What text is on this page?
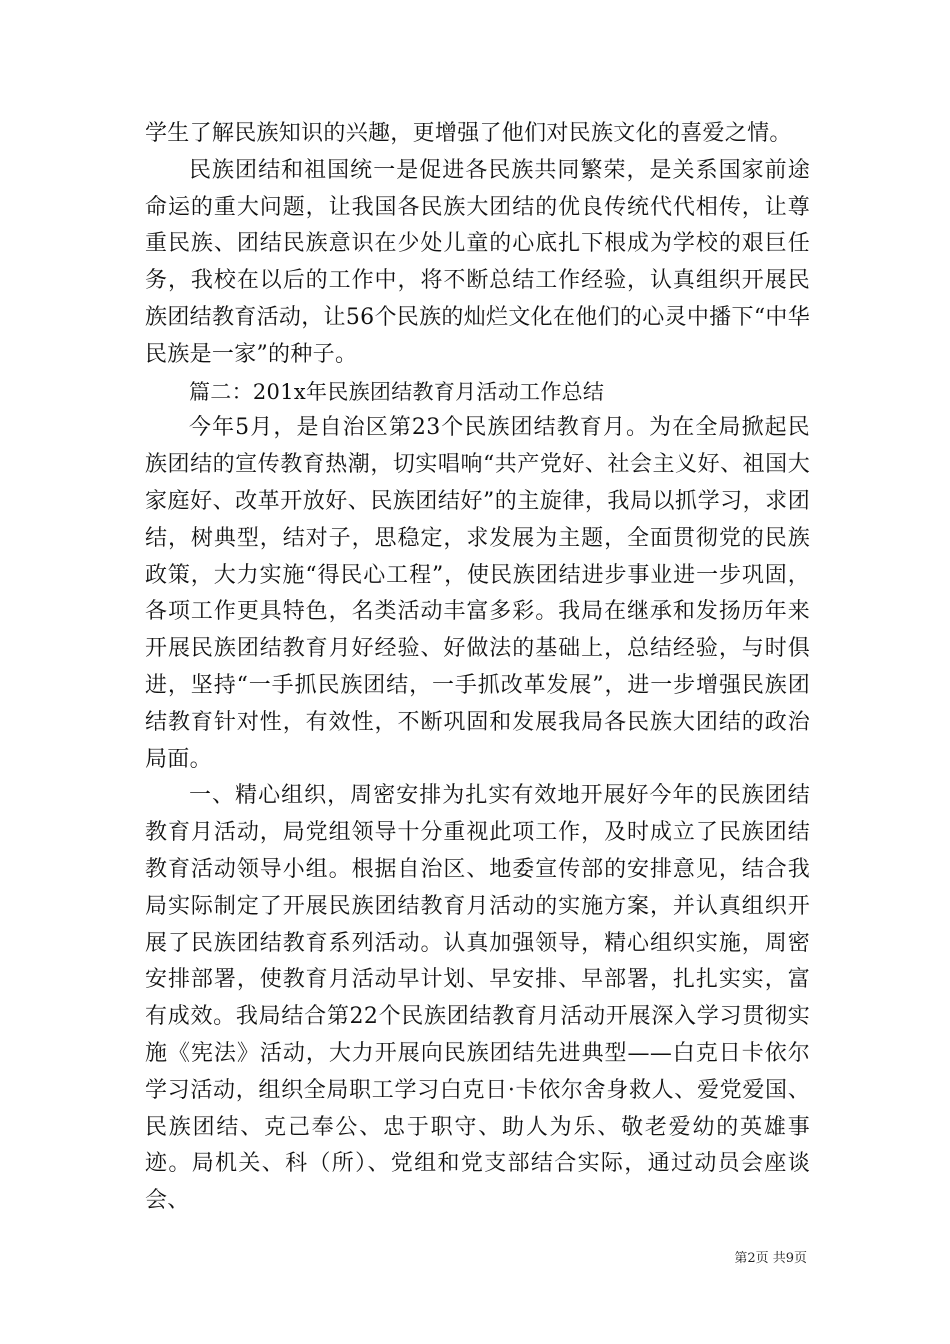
学生了解民族知识的兴趣，更增强了他们对民族文化的喜爱之情。

民族团结和祖国统一是促进各民族共同繁荣，是关系国家前途命运的重大问题，让我国各民族大团结的优良传统代代相传，让尊重民族、团结民族意识在少处儿童的心底扎下根成为学校的艰巨任务，我校在以后的工作中，将不断总结工作经验，认真组织开展民族团结教育活动，让56个民族的灿烂文化在他们的心灵中播下“中华民族是一家”的种子。

篇二：201x年民族团结教育月活动工作总结

今年5月，是自治区第23个民族团结教育月。为在全局掀起民族团结的宣传教育热潮，切实唱响“共产党好、社会主义好、祖国大家庭好、改革开放好、民族团结好”的主旋律，我局以抓学习，求团结，树典型，结对子，思稳定，求发展为主题，全面贯彻党的民族政策，大力实施“得民心工程”，使民族团结进步事业进一步巩固，各项工作更具特色，名类活动丰富多彩。我局在继承和发扬历年来开展民族团结教育月好经验、好做法的基础上，总结经验，与时俱进，坚持“一手抓民族团结，一手抓改革发展”，进一步增强民族团结教育针对性，有效性，不断巩固和发展我局各民族大团结的政治局面。

一、精心组织，周密安排为扎实有效地开展好今年的民族团结教育月活动，局党组领导十分重视此项工作，及时成立了民族团结教育活动领导小组。根据自治区、地委宣传部的安排意见，结合我局实际制定了开展民族团结教育月活动的实施方案，并认真组织开展了民族团结教育系列活动。认真加强领导，精心组织实施，周密安排部署，使教育月活动早计划、早安排、早部署，扎扎实实，富有成效。我局结合第22个民族团结教育月活动开展深入学习贯彻实施《宪法》活动，大力开展向民族团结先进典型——白克日卡依尔学习活动，组织全局职工学习白克日·卡依尔舍身救人、爱党爱国、民族团结、克己奉公、忠于职守、助人为乐、敬老爱幼的英雄事迹。局机关、科（所）、党组和党支部结合实际，通过动员会座谈会、

第2页 共9页
